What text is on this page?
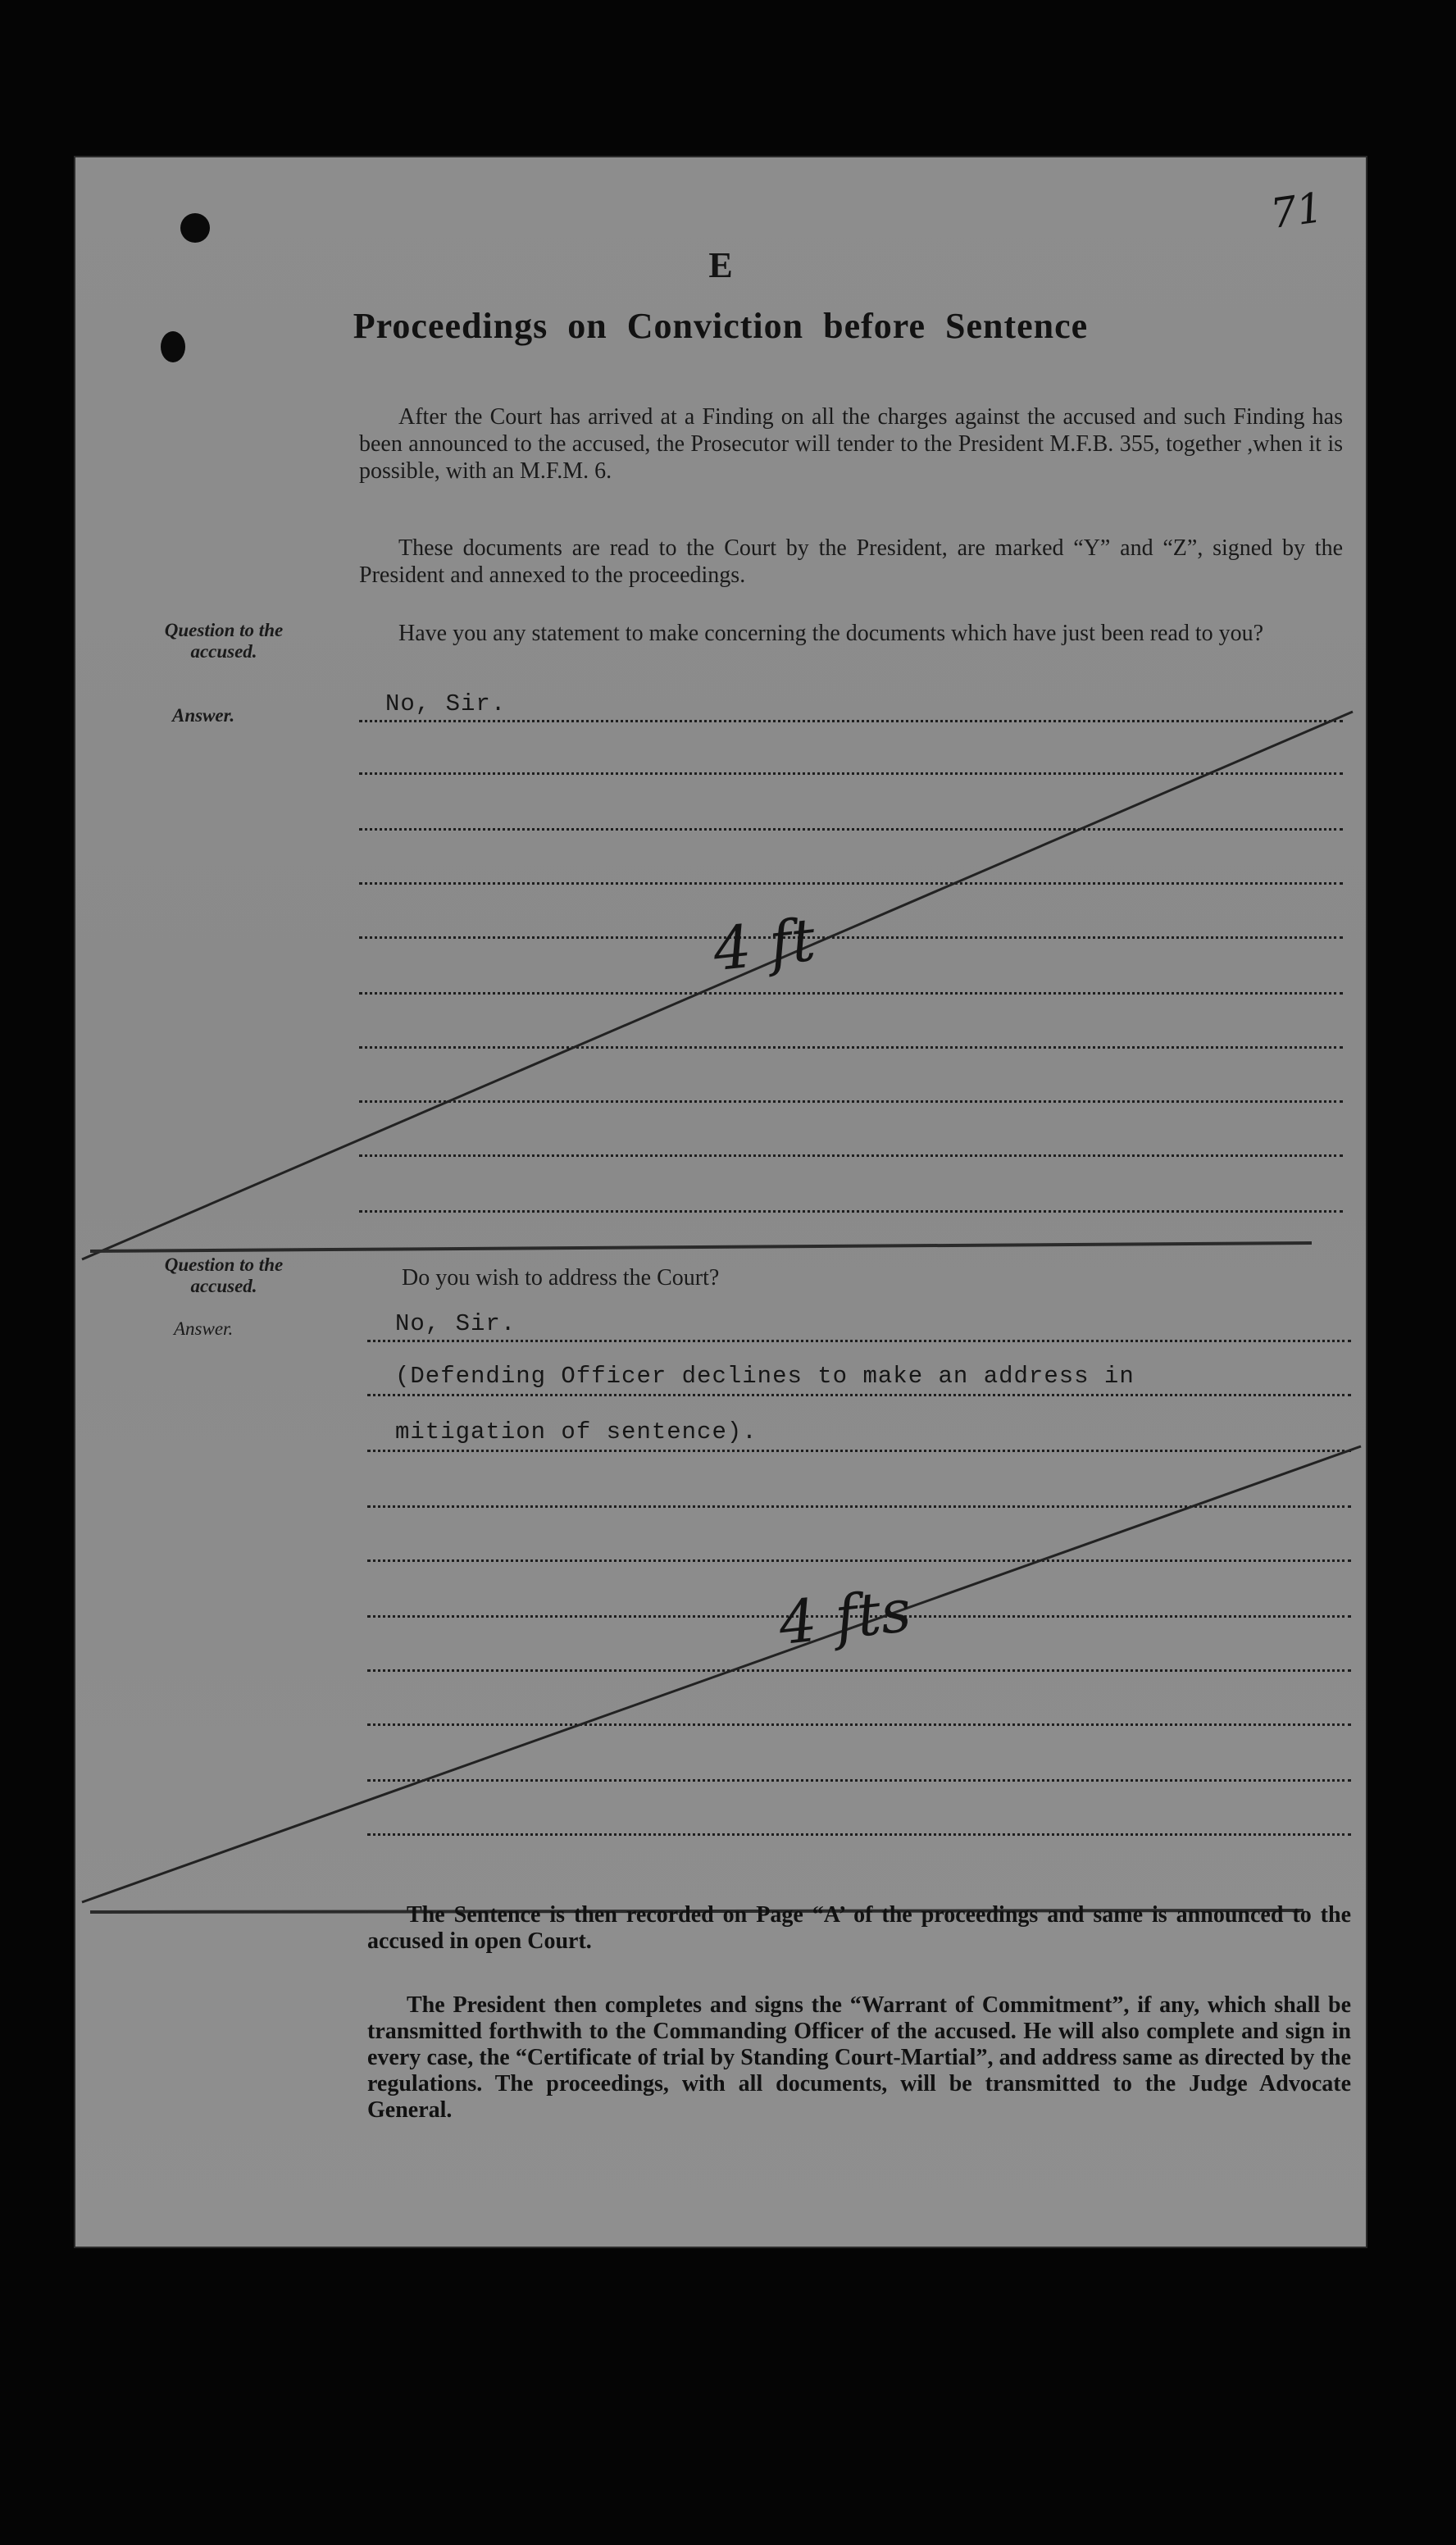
71
E
Proceedings on Conviction before Sentence
After the Court has arrived at a Finding on all the charges against the accused and such Finding has been announced to the accused, the Prosecutor will tender to the President M.F.B. 355, together ,when it is possible, with an M.F.M. 6.
These documents are read to the Court by the President, are marked “Y” and “Z”, signed by the President and annexed to the proceedings.
Question to the accused.
Have you any statement to make concerning the documents which have just been read to you?
Answer.	No, Sir.
4 ft
Question to the accused.	Do you wish to address the Court?
Answer.	No, Sir.
(Defending Officer declines to make an address in
mitigation of sentence).
4 fts
The Sentence is then recorded on Page “A’ of the proceedings and same is announced to the accused in open Court.
The President then completes and signs the “Warrant of Commitment”, if any, which shall be transmitted forthwith to the Commanding Officer of the accused. He will also complete and sign in every case, the “Certificate of trial by Standing Court-Martial”, and address same as directed by the regulations. The proceedings, with all documents, will be transmitted to the Judge Advocate General.
